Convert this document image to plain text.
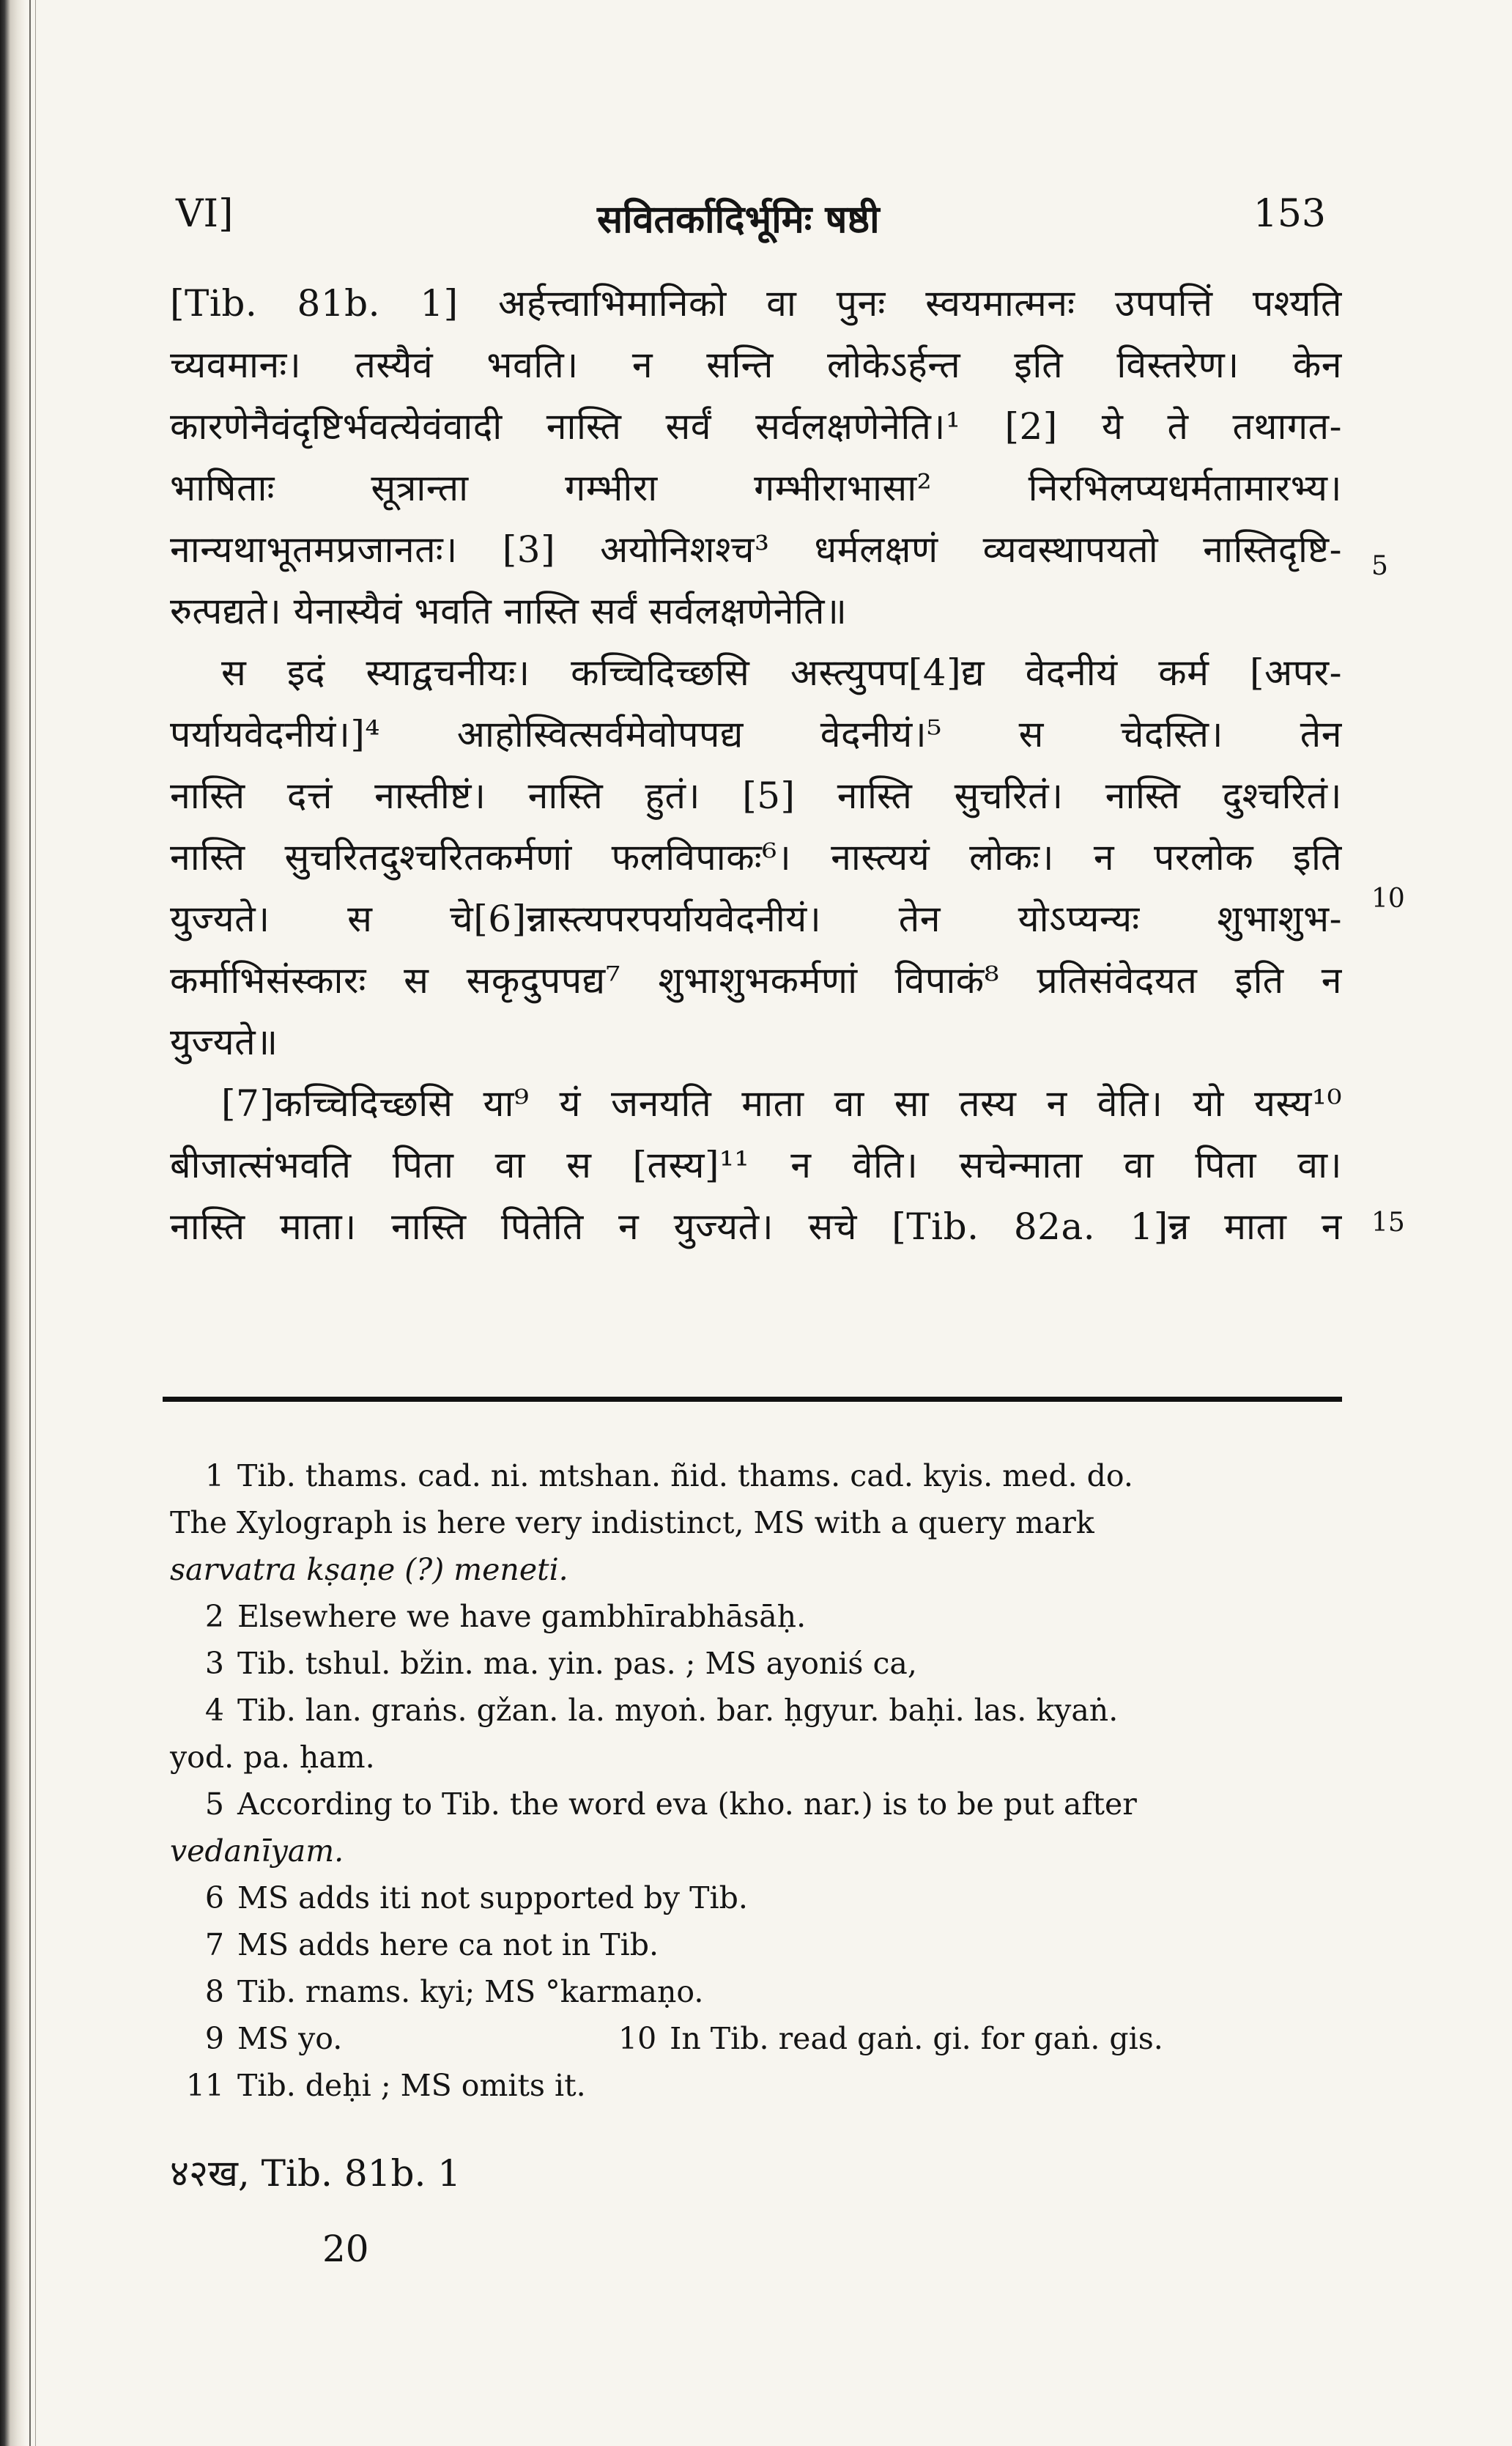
VI]	सवितर्कादिर्भूमिः षष्ठी	153
[Tib. 81b. 1] अर्हत्त्वाभिमानिको वा पुनः स्वयमात्मनः उपपत्तिं पश्यति
च्यवमानः। तस्यैवं भवति। न सन्ति लोकेऽर्हन्त इति विस्तरेण। केन
कारणेनैवंदृष्टिर्भवत्येवंवादी नास्ति सर्वं सर्वलक्षणेनेति।¹ [2] ये ते तथागत-
भाषिताः सूत्रान्ता गम्भीरा गम्भीराभासा² निरभिलप्यधर्मतामारभ्य।
नान्यथाभूतमप्रजानतः। [3] अयोनिशश्च³ धर्मलक्षणं व्यवस्थापयतो नास्तिदृष्टि-
रुत्पद्यते। येनास्यैवं भवति नास्ति सर्वं सर्वलक्षणेनेति॥
स इदं स्याद्वचनीयः। कच्चिदिच्छसि अस्त्युपप[4]द्य वेदनीयं कर्म [अपर-
पर्यायवेदनीयं।]⁴ आहोस्वित्सर्वमेवोपपद्य वेदनीयं।⁵ स चेदस्ति। तेन
नास्ति दत्तं नास्तीष्टं। नास्ति हुतं। [5] नास्ति सुचरितं। नास्ति दुश्चरितं।
नास्ति सुचरितदुश्चरितकर्मणां फलविपाकः⁶। नास्त्ययं लोकः। न परलोक इति
युज्यते। स चे[6]न्नास्त्यपरपर्यायवेदनीयं। तेन योऽप्यन्यः शुभाशुभ-
कर्माभिसंस्कारः स सकृदुपपद्य⁷ शुभाशुभकर्मणां विपाकं⁸ प्रतिसंवेदयत इति न
युज्यते॥
[7]कच्चिदिच्छसि या⁹ यं जनयति माता वा सा तस्य न वेति। यो यस्य¹⁰
बीजात्संभवति पिता वा स [तस्य]¹¹ न वेति। सचेन्माता वा पिता वा।
नास्ति माता। नास्ति पितेति न युज्यते। सचे [Tib. 82a. 1]न्न माता न
5
10
15
1 Tib. thams. cad. ni. mtshan. ñid. thams. cad. kyis. med. do.
The Xylograph is here very indistinct, MS with a query mark
sarvatra kṣaṇe (?) meneti.
2 Elsewhere we have gambhīrabhāsāḥ.
3 Tib. tshul. bžin. ma. yin. pas. ; MS ayoniś ca,
4 Tib. lan. graṅs. gžan. la. myoṅ. bar. ḥgyur. baḥi. las. kyaṅ.
yod. pa. ḥam.
5 According to Tib. the word eva (kho. nar.) is to be put after
vedanīyam.
6 MS adds iti not supported by Tib.
7 MS adds here ca not in Tib.
8 Tib. rnams. kyi; MS °karmaṇo.
9 MS yo.	10 In Tib. read gaṅ. gi. for gaṅ. gis.
11 Tib. deḥi ; MS omits it.
४२ख, Tib. 81b. 1
20
